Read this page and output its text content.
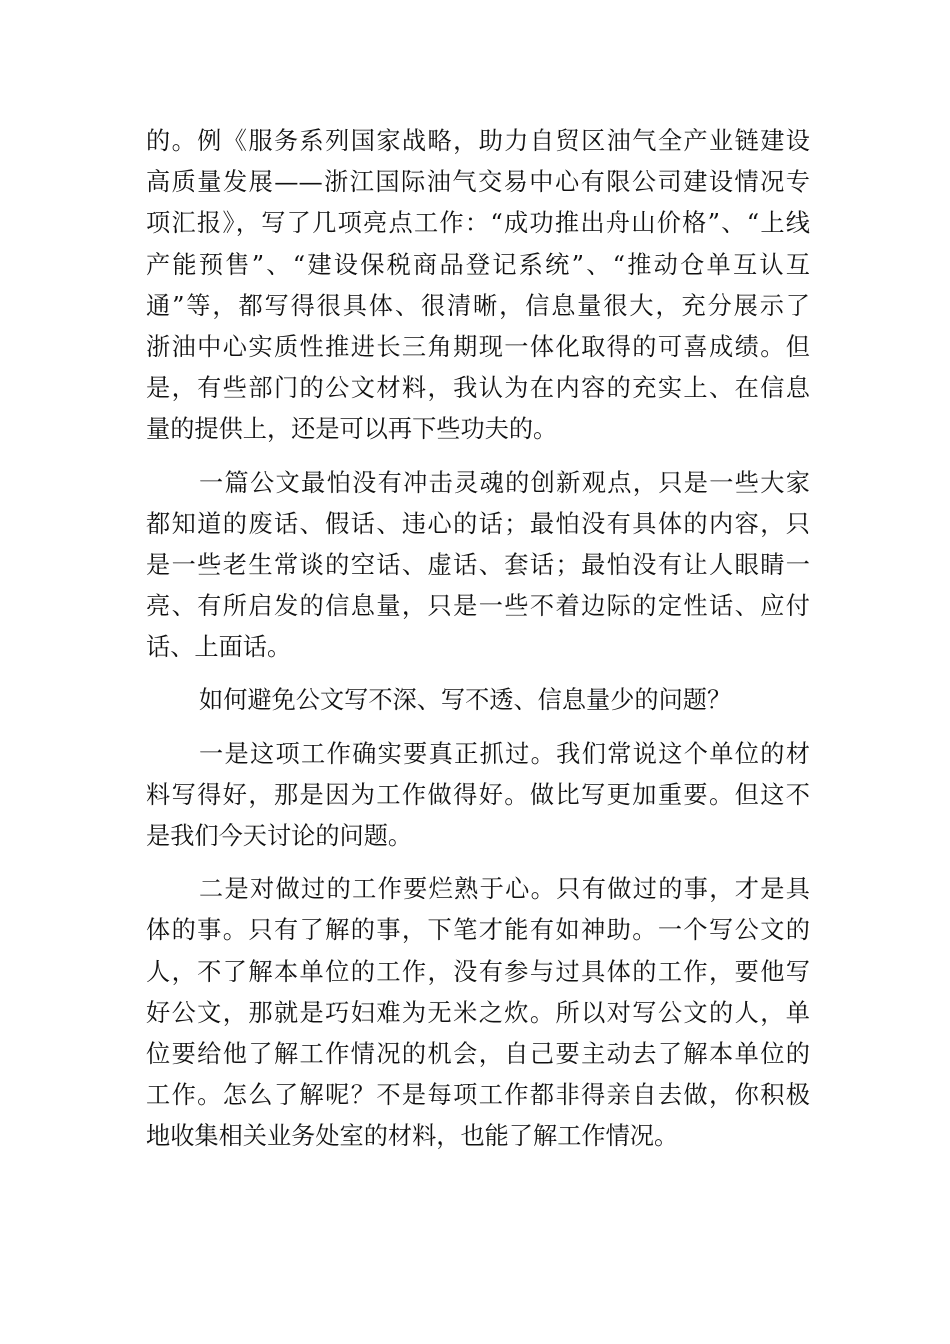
的。例《服务系列国家战略，助力自贸区油气全产业链建设
高质量发展——浙江国际油气交易中心有限公司建设情况专
项汇报》，写了几项亮点工作：“成功推出舟山价格”、“上线
产能预售”、“建设保税商品登记系统”、“推动仓单互认互
通”等，都写得很具体、很清晰，信息量很大，充分展示了
浙油中心实质性推进长三角期现一体化取得的可喜成绩。但
是，有些部门的公文材料，我认为在内容的充实上、在信息
量的提供上，还是可以再下些功夫的。
一篇公文最怕没有冲击灵魂的创新观点，只是一些大家
都知道的废话、假话、违心的话；最怕没有具体的内容，只
是一些老生常谈的空话、虚话、套话；最怕没有让人眼睛一
亮、有所启发的信息量，只是一些不着边际的定性话、应付
话、上面话。
如何避免公文写不深、写不透、信息量少的问题？
一是这项工作确实要真正抓过。我们常说这个单位的材
料写得好，那是因为工作做得好。做比写更加重要。但这不
是我们今天讨论的问题。
二是对做过的工作要烂熟于心。只有做过的事，才是具
体的事。只有了解的事，下笔才能有如神助。一个写公文的
人，不了解本单位的工作，没有参与过具体的工作，要他写
好公文，那就是巧妇难为无米之炊。所以对写公文的人，单
位要给他了解工作情况的机会，自己要主动去了解本单位的
工作。怎么了解呢？不是每项工作都非得亲自去做，你积极
地收集相关业务处室的材料，也能了解工作情况。
